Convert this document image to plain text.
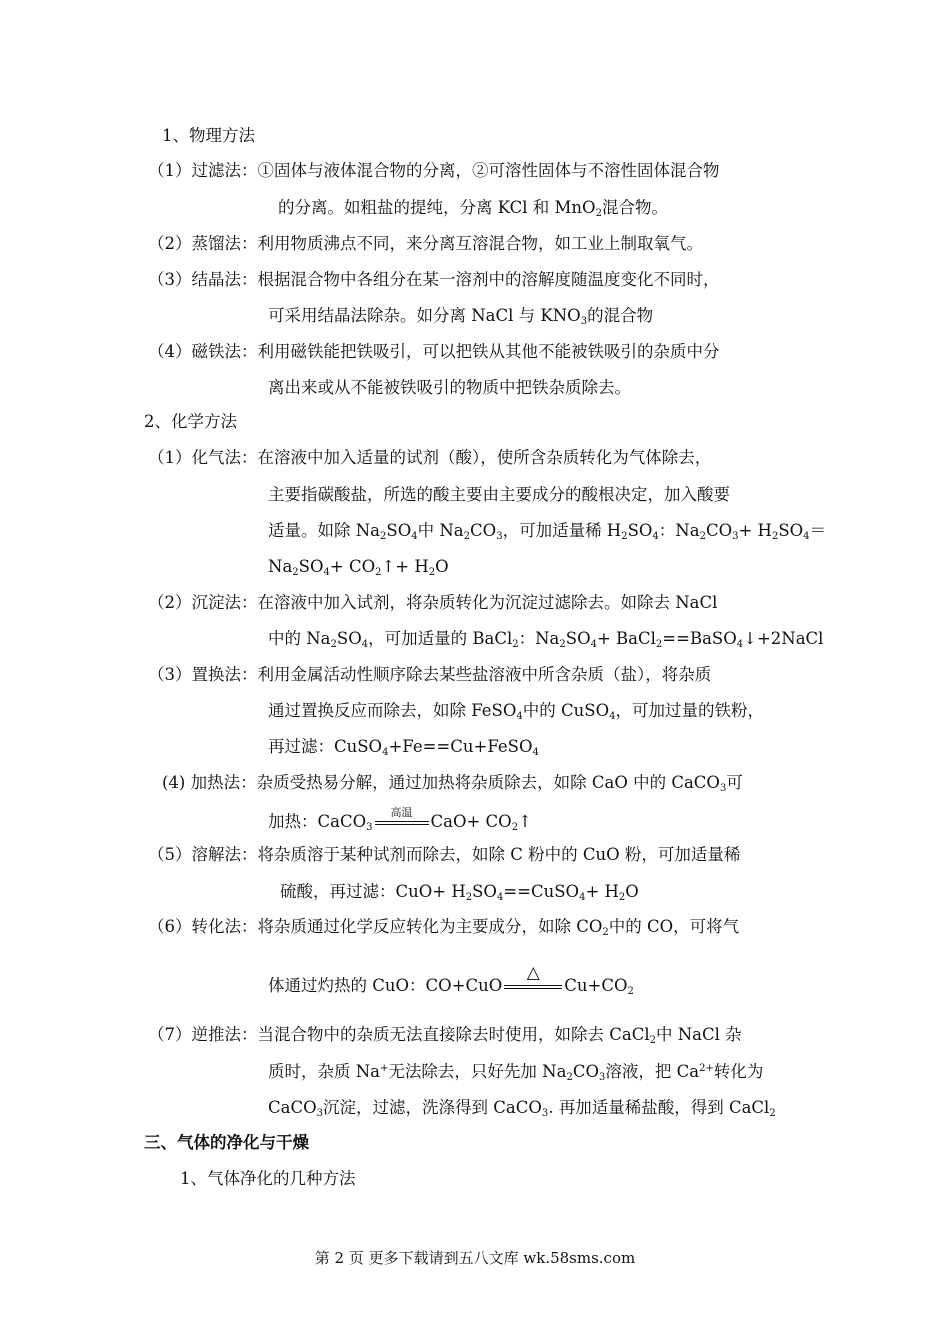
1、物理方法
（1）过滤法：①固体与液体混合物的分离，②可溶性固体与不溶性固体混合物
的分离。如粗盐的提纯，分离 KCl 和 MnO$_2$混合物。
（2）蒸馏法：利用物质沸点不同，来分离互溶混合物，如工业上制取氧气。
（3）结晶法：根据混合物中各组分在某一溶剂中的溶解度随温度变化不同时，
可采用结晶法除杂。如分离 NaCl 与 $KNO_3$的混合物
（4）磁铁法：利用磁铁能把铁吸引，可以把铁从其他不能被铁吸引的杂质中分
离出来或从不能被铁吸引的物质中把铁杂质除去。
2、化学方法
（1）化气法：在溶液中加入适量的试剂（酸），使所含杂质转化为气体除去，
主要指碳酸盐，所选的酸主要由主要成分的酸根决定，加入酸要
适量。如除 $Na_2SO_4$中 $Na_2CO_3$，可加适量稀 $H_2SO_4$：$Na_2CO_3+ H_2SO_4=$
$Na_2SO_4+$ $CO_2↑+ H_2O$
（2）沉淀法：在溶液中加入试剂，将杂质转化为沉淀过滤除去。如除去 NaCl
中的 $Na_2SO_4$，可加适量的 BaCl$_2$：$Na_2SO_4+$ BaCl$_2$==BaSO$_4$↓+2NaCl
（3）置换法：利用金属活动性顺序除去某些盐溶液中所含杂质（盐），将杂质
通过置换反应而除去，如除 FeSO$_4$中的 CuSO$_4$，可加过量的铁粉，
再过滤：CuSO$_4$+Fe==Cu+FeSO$_4$
(4) 加热法：杂质受热易分解，通过加热将杂质除去，如除 CaO 中的 CaCO$_3$可
加热：CaCO$_3$
高温	$CaO+ CO_2↑$
（5）溶解法：将杂质溶于某种试剂而除去，如除 C 粉中的 CuO 粉，可加适量稀
硫酸，再过滤：$CuO+ H_2SO_4==CuSO_4+ H_2O$
（6）转化法：将杂质通过化学反应转化为主要成分，如除 $CO_2$中的 CO，可将气
体通过灼热的 CuO：CO+CuO
△
$Cu+CO_2$
（7）逆推法：当混合物中的杂质无法直接除去时使用，如除去 CaCl$_2$中 NaCl 杂
质时，杂质 Na+无法除去，只好先加 $Na_2CO_3$溶液，把 $Ca^{2+}$转化为
CaCO$_3$沉淀，过滤，洗涤得到 CaCO$_3$. 再加适量稀盐酸，得到 CaCl$_2$
三、气体的净化与干燥
1、气体净化的几种方法
第 2 页 更多下载请到五八文库 wk.58sms.com
